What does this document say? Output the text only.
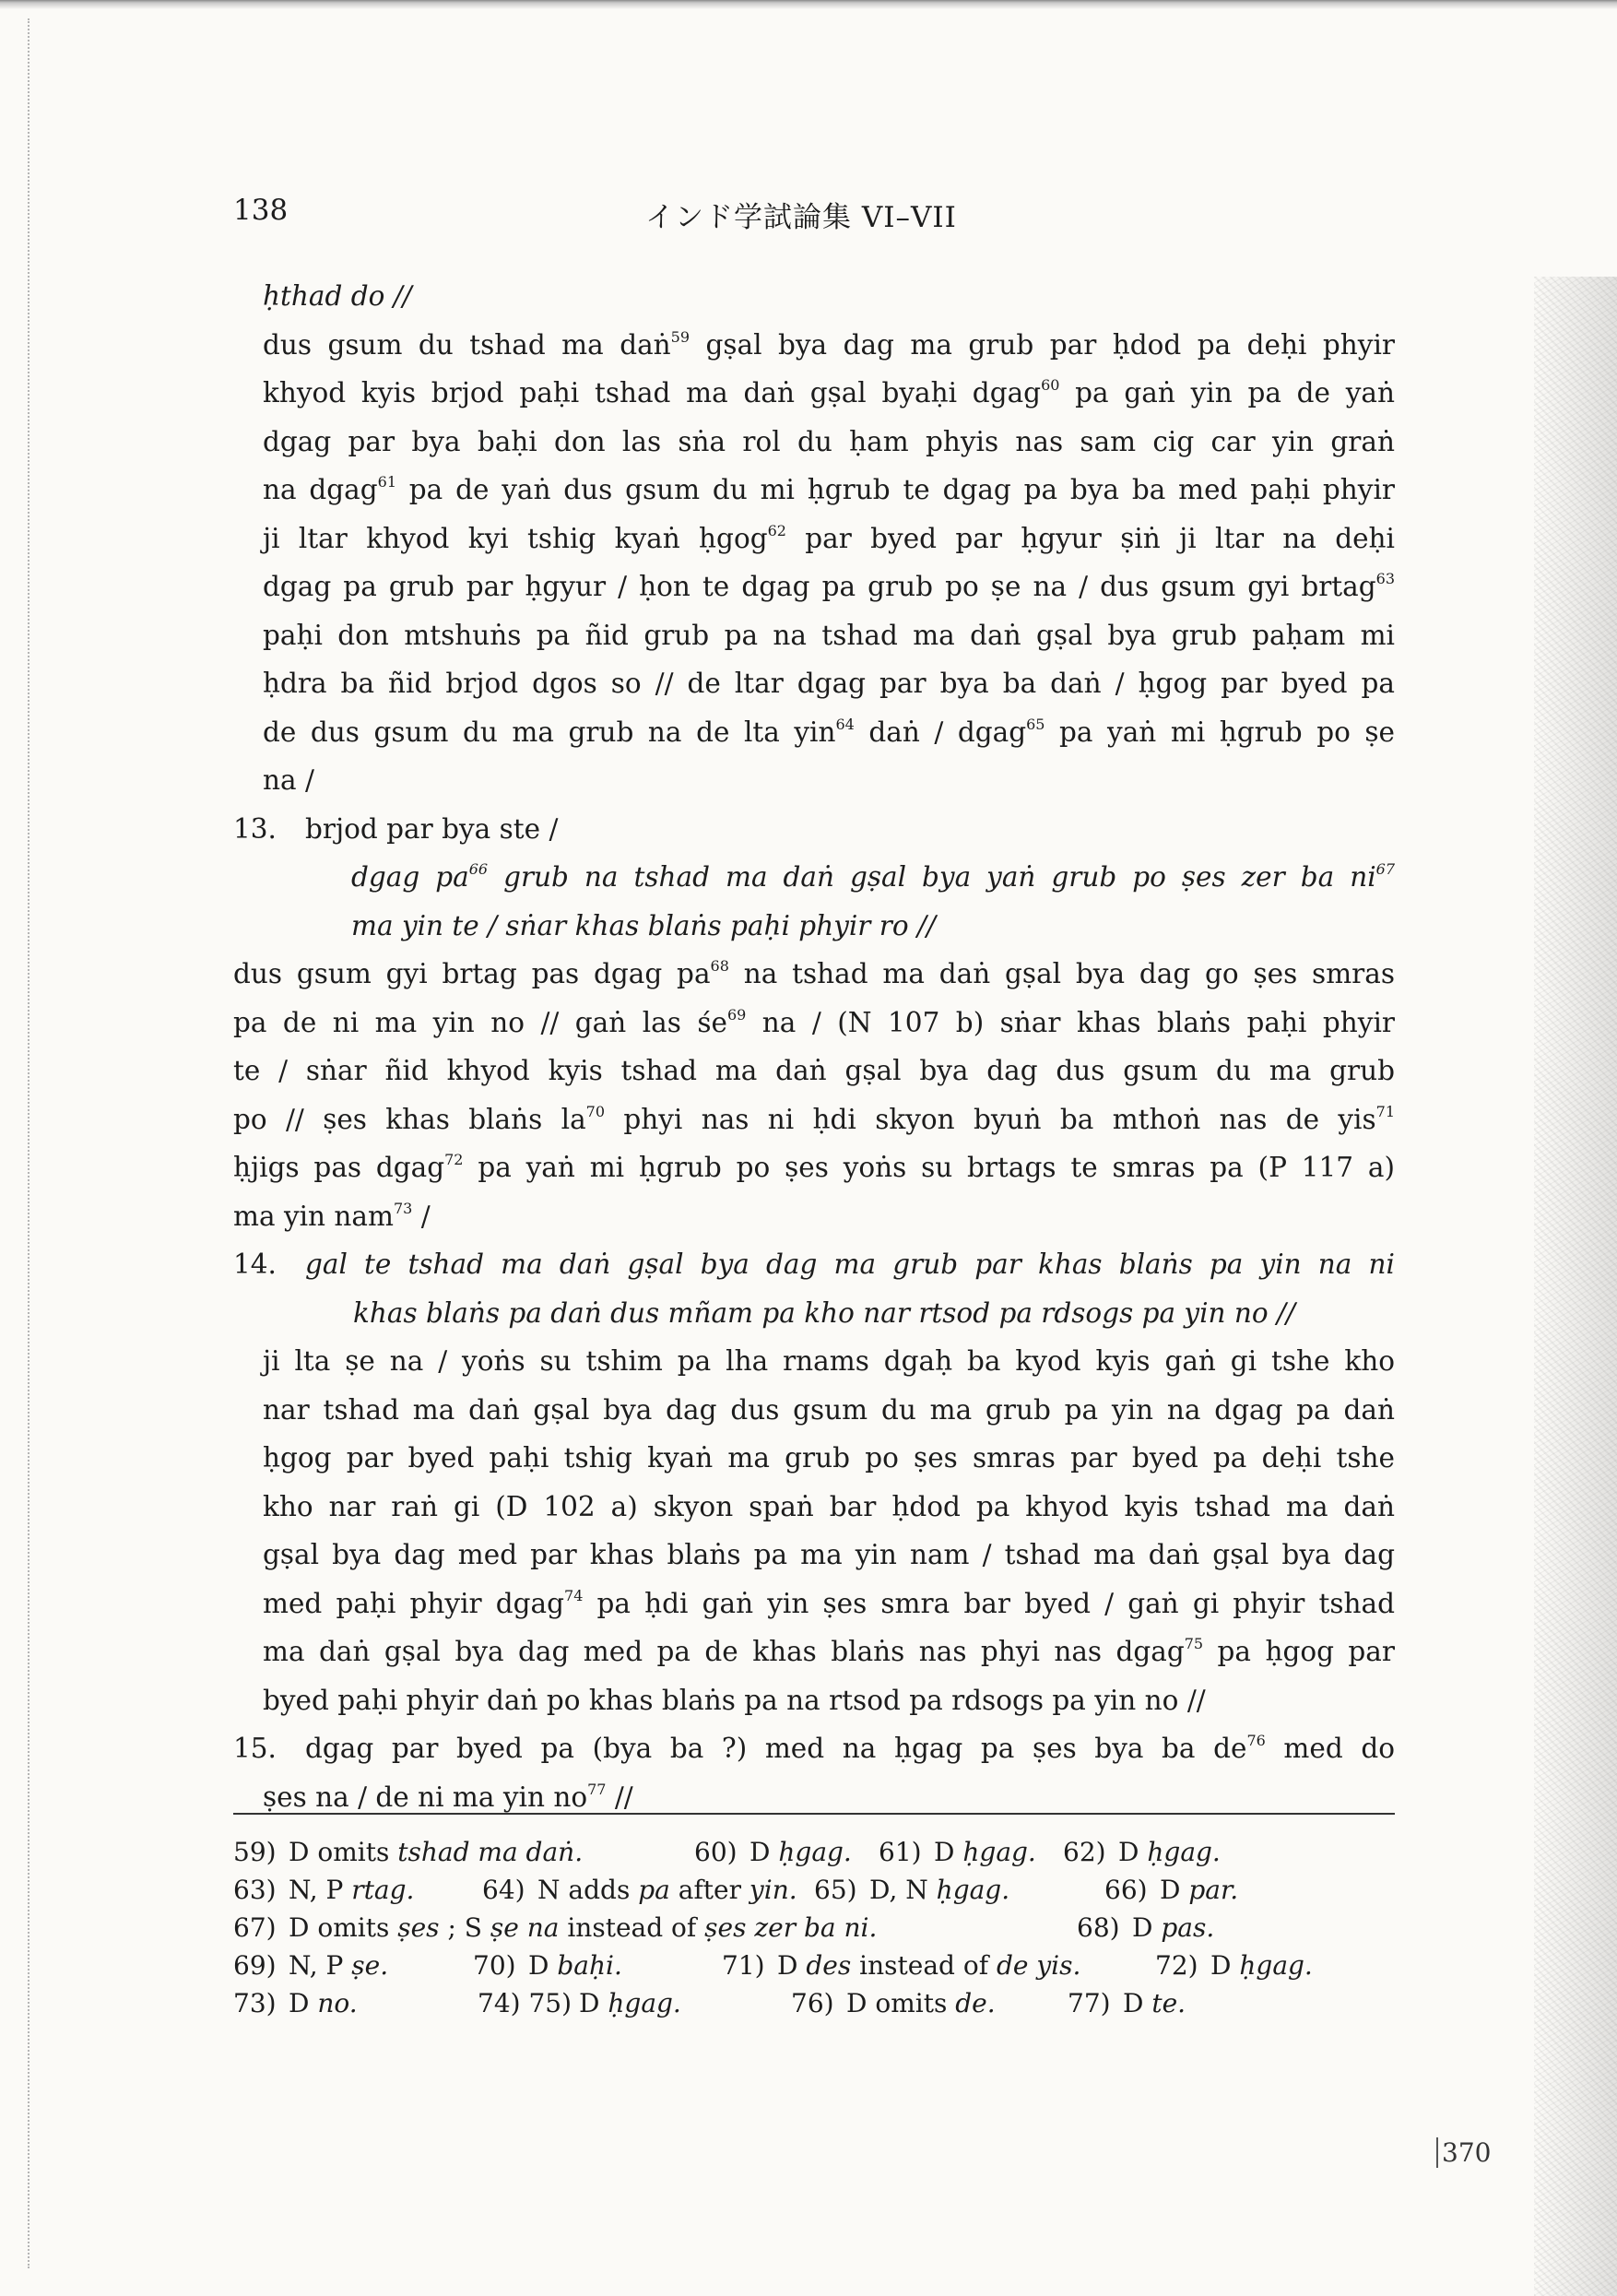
138	インド学試論集 VI–VII
ḥthad do //
dus gsum du tshad ma daṅ$^{59}$ gṣal bya dag ma grub par ḥdod pa deḥi phyir
khyod kyis brjod paḥi tshad ma daṅ gṣal byaḥi dgag$^{60}$ pa gaṅ yin pa de yaṅ
dgag par bya baḥi don las sṅa rol du ḥam phyis nas sam cig car yin graṅ
na dgag$^{61}$ pa de yaṅ dus gsum du mi ḥgrub te dgag pa bya ba med paḥi phyir
ji ltar khyod kyi tshig kyaṅ ḥgog$^{62}$ par byed par ḥgyur ṣiṅ ji ltar na deḥi
dgag pa grub par ḥgyur / ḥon te dgag pa grub po ṣe na / dus gsum gyi brtag$^{63}$
paḥi don mtshuṅs pa ñid grub pa na tshad ma daṅ gṣal bya grub paḥam mi
ḥdra ba ñid brjod dgos so // de ltar dgag par bya ba daṅ / ḥgog par byed pa
de dus gsum du ma grub na de lta yin$^{64}$ daṅ / dgag$^{65}$ pa yaṅ mi ḥgrub po ṣe
na /
13. brjod par bya ste /
dgag $pa^{66}$ grub na tshad ma daṅ gṣal bya yaṅ grub po ṣes zer ba $ni^{67}$
ma yin te / sṅar khas blaṅs paḥi phyir ro //
dus gsum gyi brtag pas dgag $pa^{68}$ na tshad ma daṅ gṣal bya dag go ṣes smras
pa de ni ma yin no // gaṅ las $śe^{69}$ na / (N 107 b) sṅar khas blaṅs paḥi phyir
te / sṅar ñid khyod kyis tshad ma daṅ gṣal bya dag dus gsum du ma grub
po // ṣes khas blaṅs $la^{70}$ phyi nas ni ḥdi skyon byuṅ ba mthoṅ nas de yis$^{71}$
ḥjigs pas dgag$^{72}$ pa yaṅ mi ḥgrub po ṣes yoṅs su brtags te smras pa (P 117 a)
ma yin nam$^{73}$ /
14. gal te tshad ma daṅ gṣal bya dag ma grub par khas blaṅs pa yin na ni
khas blaṅs pa daṅ dus mñam pa kho nar rtsod pa rdsogs pa yin no //
ji lta ṣe na / yoṅs su tshim pa lha rnams dgaḥ ba kyod kyis gaṅ gi tshe kho
nar tshad ma daṅ gṣal bya dag dus gsum du ma grub pa yin na dgag pa daṅ
ḥgog par byed paḥi tshig kyaṅ ma grub po ṣes smras par byed pa deḥi tshe
kho nar raṅ gi (D 102 a) skyon spaṅ bar ḥdod pa khyod kyis tshad ma daṅ
gṣal bya dag med par khas blaṅs pa ma yin nam / tshad ma daṅ gṣal bya dag
med paḥi phyir dgag$^{74}$ pa ḥdi gaṅ yin ṣes smra bar byed / gaṅ gi phyir tshad
ma daṅ gṣal bya dag med pa de khas blaṅs nas phyi nas dgag$^{75}$ pa ḥgog par
byed paḥi phyir daṅ po khas blaṅs pa na rtsod pa rdsogs pa yin no //
15. dgag par byed pa (bya ba ?) med na ḥgag pa ṣes bya ba $de^{76}$ med do
ṣes na / de ni ma yin $no^{77}$ //
59) D omits tshad ma daṅ.	60) D ḥgag.	61) D ḥgag.	62) D ḥgag.
63) N, P rtag.	64) N adds pa after yin. 65) D, N ḥgag.	66) D par.
67) D omits ṣes ; S ṣe na instead of ṣes zer ba ni.	68) D pas.
69) N, P ṣe.	70) D baḥi.	71) D des instead of de yis.	72) D ḥgag.
73) D no.	74) 75) D ḥgag.	76) D omits de.	77) D te.
370
